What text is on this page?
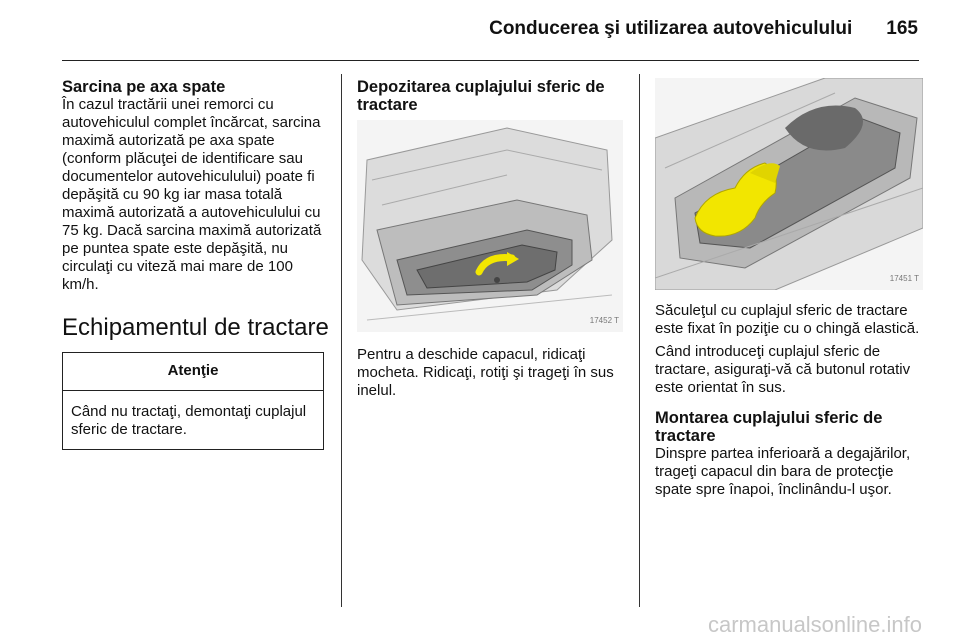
Conducerea şi utilizarea autovehiculului 165
Sarcina pe axa spate

În cazul tractării unei remorci cu autovehiculul complet încărcat, sarcina maximă autorizată pe axa spate (conform plăcuţei de identificare sau documentelor autovehiculului) poate fi depăşită cu 90 kg iar masa totală maximă autorizată a autovehiculului cu 75 kg. Dacă sarcina maximă autorizată pe puntea spate este depăşită, nu circulaţi cu viteză mai mare de 100 km/h.

Echipamentul de tractare
Atenţie
Când nu tractaţi, demontaţi cuplajul sferic de tractare.
Depozitarea cuplajului sferic de tractare
17452 T

Pentru a deschide capacul, ridicaţi mocheta. Ridicaţi, rotiţi şi trageţi în sus inelul.

17451 T

Săculeţul cu cuplajul sferic de tractare este fixat în poziţie cu o chingă elastică.

Când introduceţi cuplajul sferic de tractare, asiguraţi-vă că butonul rotativ este orientat în sus.

Montarea cuplajului sferic de tractare

Dinspre partea inferioară a degajărilor, trageţi capacul din bara de protecţie spate spre înapoi, înclinându-l uşor.

carmanualsonline.info
